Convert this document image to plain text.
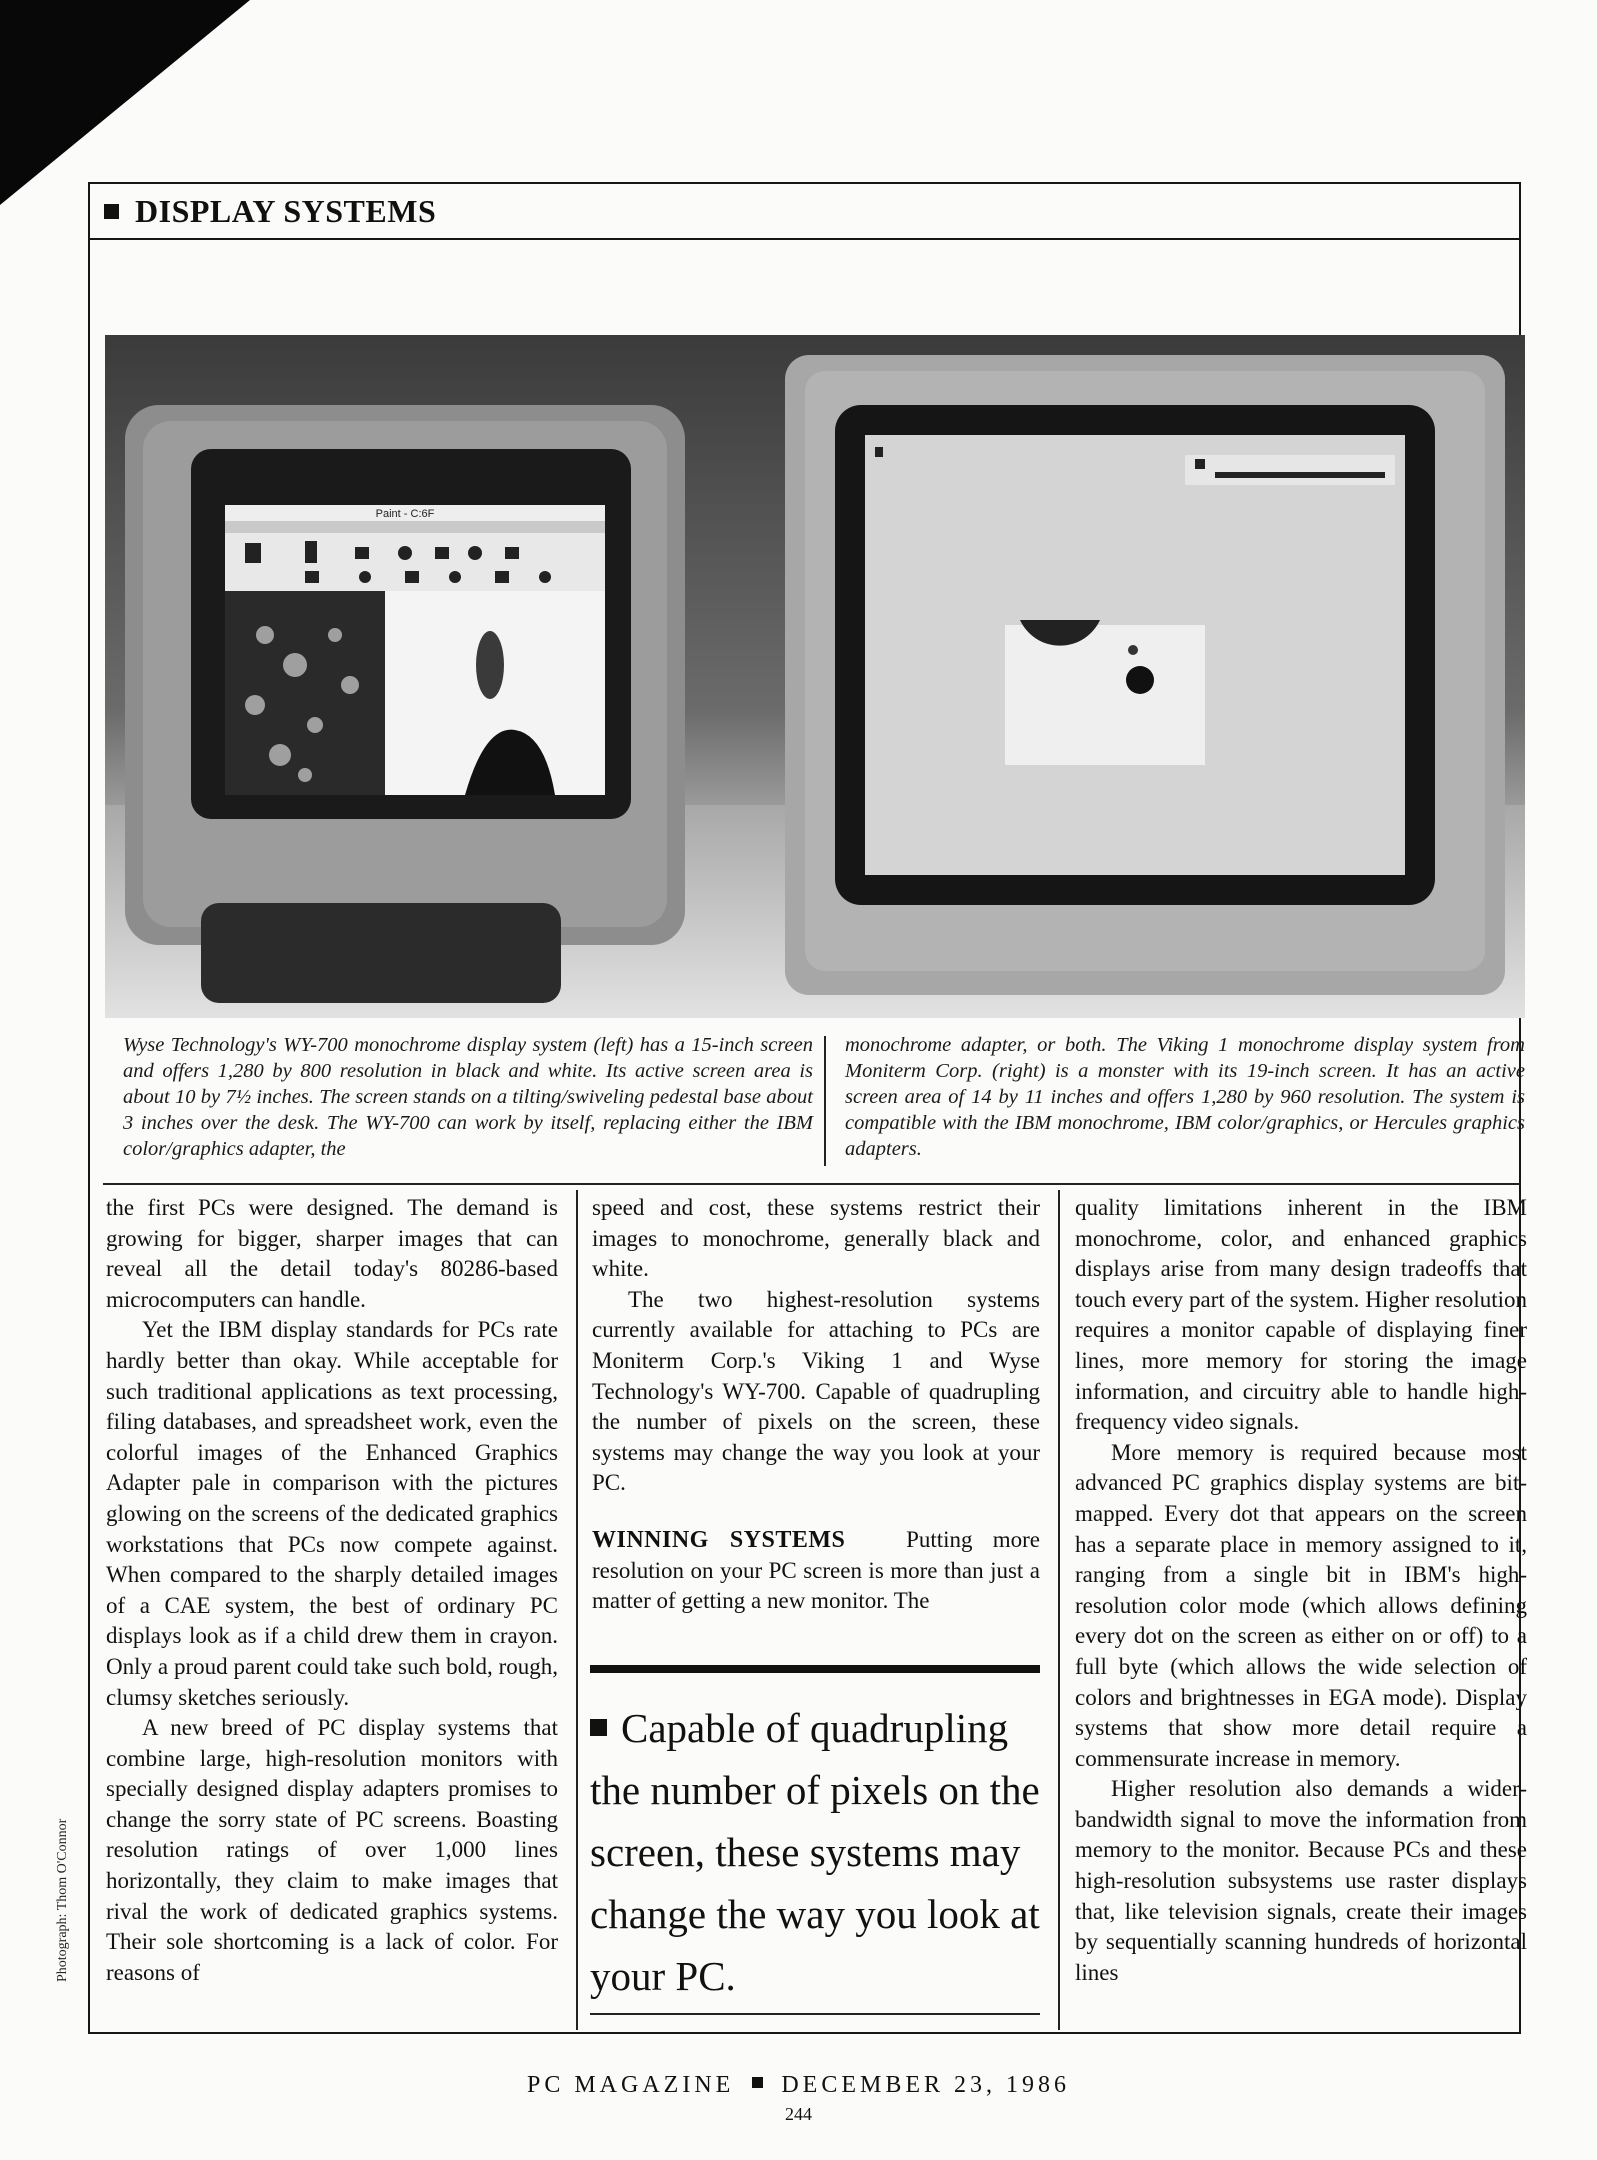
DISPLAY SYSTEMS
Paint - C:6F
Wyse Technology's WY-700 monochrome display system (left) has a 15-inch screen and offers 1,280 by 800 resolution in black and white. Its active screen area is about 10 by 7½ inches. The screen stands on a tilting/swiveling pedestal base about 3 inches over the desk. The WY-700 can work by itself, replacing either the IBM color/graphics adapter, the
monochrome adapter, or both. The Viking 1 monochrome display system from Moniterm Corp. (right) is a monster with its 19-inch screen. It has an active screen area of 14 by 11 inches and offers 1,280 by 960 resolution. The system is compatible with the IBM monochrome, IBM color/graphics, or Hercules graphics adapters.

the first PCs were designed. The demand is growing for bigger, sharper images that can reveal all the detail today's 80286-based microcomputers can handle.

Yet the IBM display standards for PCs rate hardly better than okay. While acceptable for such traditional applications as text processing, filing databases, and spreadsheet work, even the colorful images of the Enhanced Graphics Adapter pale in comparison with the pictures glowing on the screens of the dedicated graphics workstations that PCs now compete against. When compared to the sharply detailed images of a CAE system, the best of ordinary PC displays look as if a child drew them in crayon. Only a proud parent could take such bold, rough, clumsy sketches seriously.

A new breed of PC display systems that combine large, high-resolution monitors with specially designed display adapters promises to change the sorry state of PC screens. Boasting resolution ratings of over 1,000 lines horizontally, they claim to make images that rival the work of dedicated graphics systems. Their sole shortcoming is a lack of color. For reasons of

speed and cost, these systems restrict their images to monochrome, generally black and white.

The two highest-resolution systems currently available for attaching to PCs are Moniterm Corp.'s Viking 1 and Wyse Technology's WY-700. Capable of quadrupling the number of pixels on the screen, these systems may change the way you look at your PC.

WINNING SYSTEMS	Putting more resolution on your PC screen is more than just a matter of getting a new monitor. The

Capable of quadrupling the number of pixels on the screen, these systems may change the way you look at your PC.

quality limitations inherent in the IBM monochrome, color, and enhanced graphics displays arise from many design tradeoffs that touch every part of the system. Higher resolution requires a monitor capable of displaying finer lines, more memory for storing the image information, and circuitry able to handle high-frequency video signals.

More memory is required because most advanced PC graphics display systems are bit-mapped. Every dot that appears on the screen has a separate place in memory assigned to it, ranging from a single bit in IBM's high-resolution color mode (which allows defining every dot on the screen as either on or off) to a full byte (which allows the wide selection of colors and brightnesses in EGA mode). Display systems that show more detail require a commensurate increase in memory.

Higher resolution also demands a wider-bandwidth signal to move the information from memory to the monitor. Because PCs and these high-resolution subsystems use raster displays that, like television signals, create their images by sequentially scanning hundreds of horizontal lines

Photograph: Thom O'Connor
PC MAGAZINE DECEMBER 23, 1986
244
